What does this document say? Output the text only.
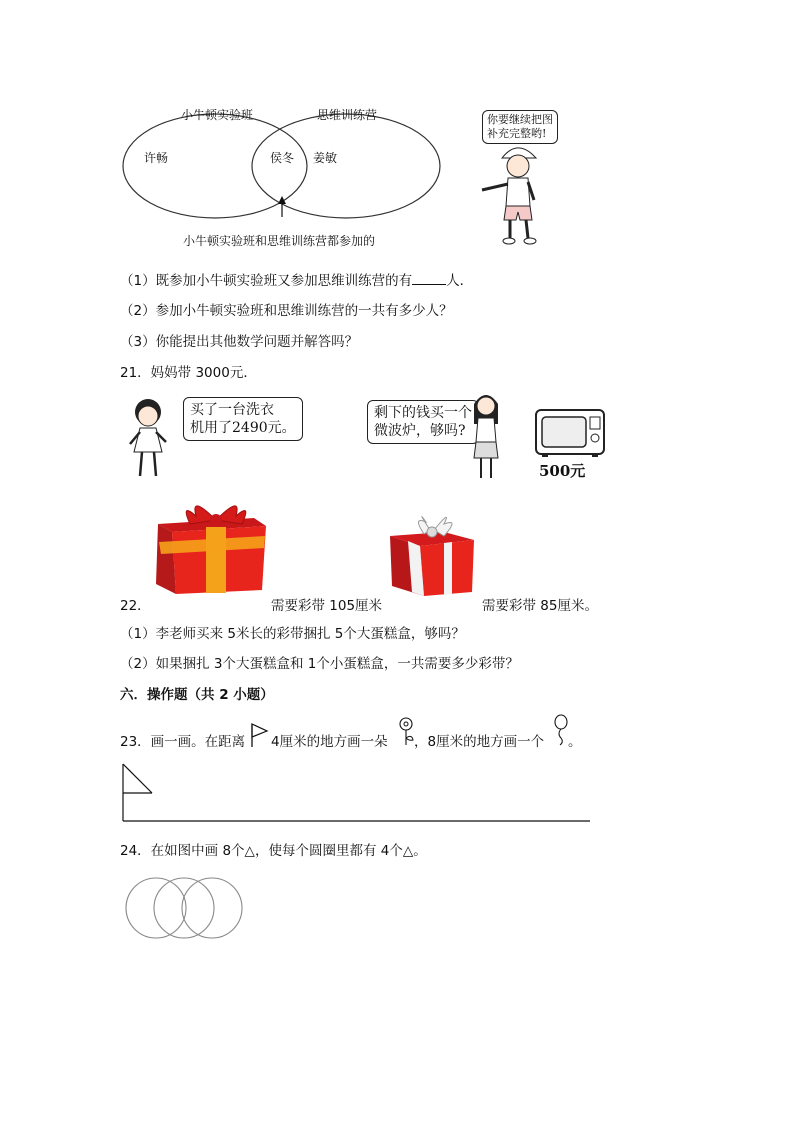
小牛顿实验班	思维训练营
许畅	侯冬 姜敏
小牛顿实验班和思维训练营都参加的
你要继续把图
补充完整哟!
（1）既参加小牛顿实验班又参加思维训练营的有	人．
（2）参加小牛顿实验班和思维训练营的一共有多少人？
（3）你能提出其他数学问题并解答吗？
21．妈妈带 3000元．
买了一台洗衣
机用了2490元。
剩下的钱买一个
微波炉，够吗?
500元
22．	需要彩带 105厘米	需要彩带 85厘米。
（1）李老师买来 5米长的彩带捆扎 5个大蛋糕盒，够吗？
（2）如果捆扎 3个大蛋糕盒和 1个小蛋糕盒，一共需要多少彩带？
六．操作题（共 2 小题）
23．画一画。在距离 4厘米的地方画一朵 ，8厘米的地方画一个 。
24．在如图中画 8个△，使每个圆圈里都有 4个△。
